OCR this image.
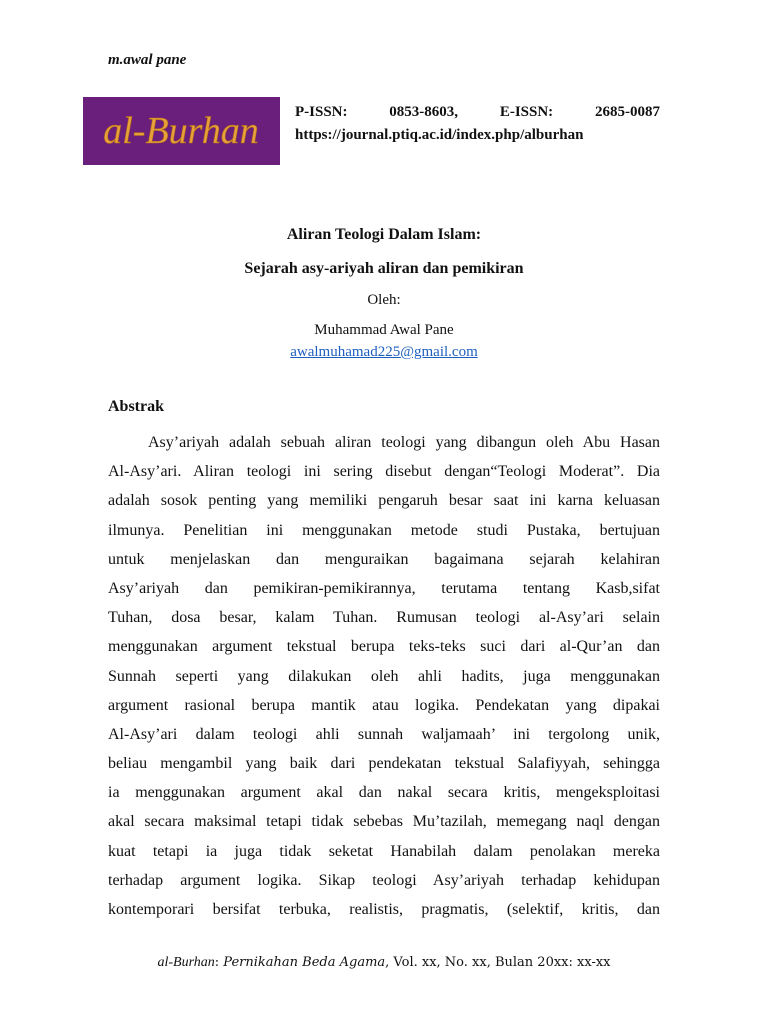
m.awal pane
al-Burhan P-ISSN:	0853-8603,	E-ISSN:	2685-0087
https://journal.ptiq.ac.id/index.php/alburhan
Aliran Teologi Dalam Islam:
Sejarah asy-ariyah aliran dan pemikiran
Oleh:
Muhammad Awal Pane
awalmuhamad225@gmail.com
Abstrak
Asy’ariyah adalah sebuah aliran teologi yang dibangun oleh Abu Hasan
Al-Asy’ari. Aliran teologi ini sering disebut dengan“Teologi Moderat”. Dia
adalah sosok penting yang memiliki pengaruh besar saat ini karna keluasan
ilmunya. Penelitian ini menggunakan metode studi Pustaka, bertujuan
untuk menjelaskan dan menguraikan bagaimana sejarah kelahiran
Asy’ariyah dan pemikiran-pemikirannya, terutama tentang Kasb,sifat
Tuhan, dosa besar, kalam Tuhan. Rumusan teologi al-Asy’ari selain
menggunakan argument tekstual berupa teks-teks suci dari al-Qur’an dan
Sunnah seperti yang dilakukan oleh ahli hadits, juga menggunakan
argument rasional berupa mantik atau logika. Pendekatan yang dipakai
Al-Asy’ari dalam teologi ahli sunnah waljamaah’ ini tergolong unik,
beliau mengambil yang baik dari pendekatan tekstual Salafiyyah, sehingga
ia menggunakan argument akal dan nakal secara kritis, mengeksploitasi
akal secara maksimal tetapi tidak sebebas Mu’tazilah, memegang naql dengan
kuat tetapi ia juga tidak seketat Hanabilah dalam penolakan mereka
terhadap argument logika. Sikap teologi Asy’ariyah terhadap kehidupan
kontemporari bersifat terbuka, realistis, pragmatis, (selektif, kritis, dan
al-Burhan: Pernikahan Beda Agama, Vol. xx, No. xx, Bulan 20xx: xx-xx
